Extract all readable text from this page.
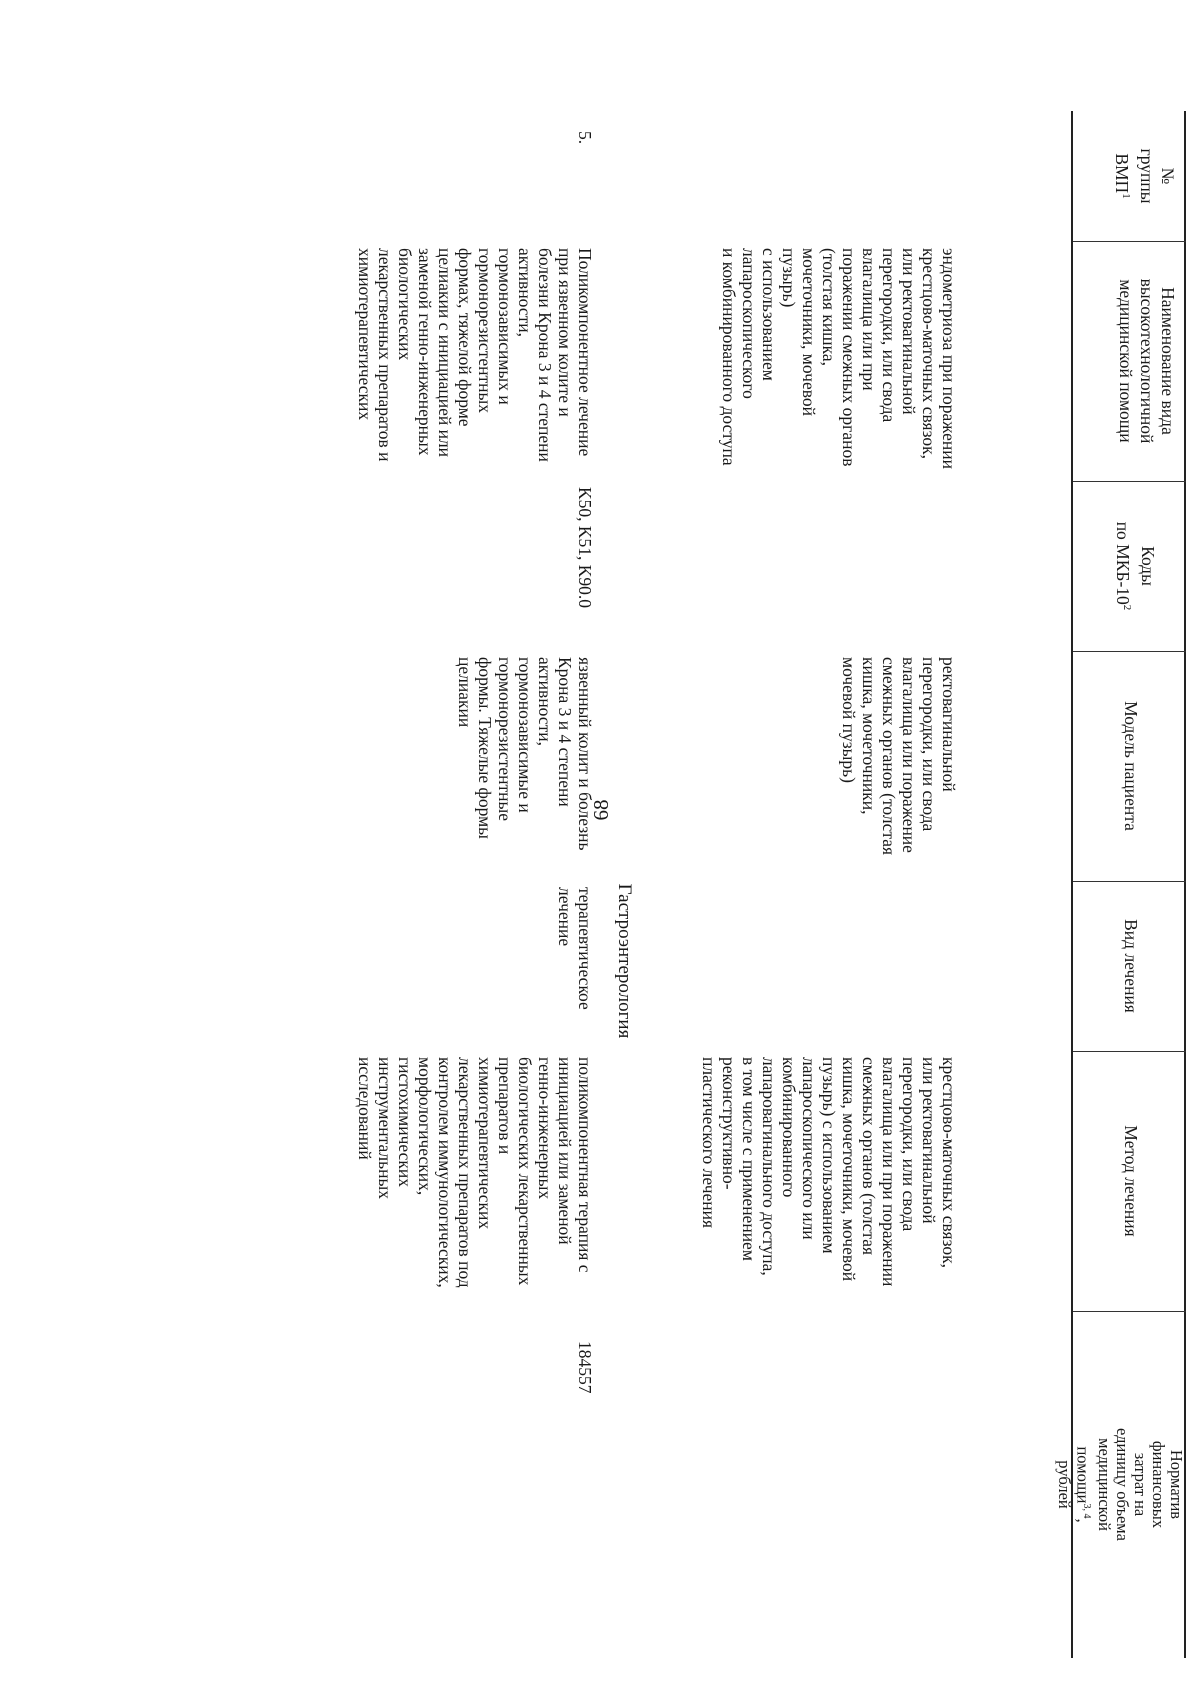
68
№
группы
ВМП$^1$
Наименование вида
высокотехнологичной
медицинской помощи
Коды
по МКБ-$10^2$
Модель пациента
Вид лечения
Метод лечения
Норматив
финансовых
затрат на
единицу объема
медицинской
помощи$^{3, 4}$,
рублей
эндометриоза при поражении
крестцово-маточных связок,
или ректовагинальной
перегородки, или свода
влагалища или при
поражении смежных органов
(толстая кишка,
мочеточники, мочевой
пузырь)
с использованием
лапароскопического
и комбинированного доступа
ректовагинальной
перегородки, или свода
влагалища или поражение
смежных органов (толстая
кишка, мочеточники,
мочевой пузырь)
крестцово-маточных связок,
или ректовагинальной
перегородки, или свода
влагалища или при поражении
смежных органов (толстая
кишка, мочеточники, мочевой
пузырь) с использованием
лапароскопического или
комбинированного
лапаровагинального доступа,
в том числе с применением
реконструктивно-
пластического лечения
Гастроэнтерология
5.
Поликомпонентное лечение
при язвенном колите и
болезни Крона 3 и 4 степени
активности,
гормонозависимых и
гормонорезистентных
формах, тяжелой форме
целиакии с инициацией или
заменой генно-инженерных
биологических
лекарственных препаратов и
химиотерапевтических
K50, K51, K90.0
язвенный колит и болезнь
Крона 3 и 4 степени
активности,
гормонозависимые и
гормонорезистентные
формы. Тяжелые формы
целиакии
терапевтическое
лечение
поликомпонентная терапия с
инициацией или заменой
генно-инженерных
биологических лекарственных
препаратов и
химиотерапевтических
лекарственных препаратов под
контролем иммунологических,
морфологических,
гистохимических
инструментальных
исследований
184557
